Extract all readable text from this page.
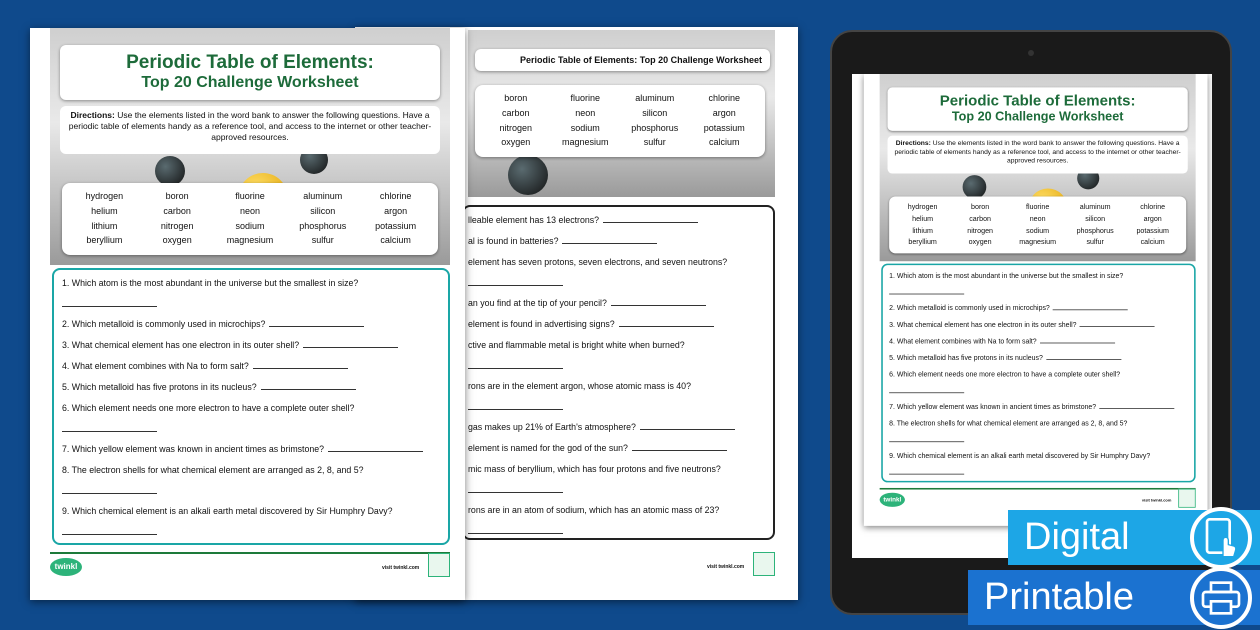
Periodic Table of Elements: Top 20 Challenge Worksheet
boron	fluorine	aluminum	chlorine
carbon	neon	silicon	argon
nitrogen	sodium	phosphorus	potassium
oxygen	magnesium	sulfur	calcium
lleable element has 13 electrons?
al is found in batteries?
element has seven protons, seven electrons, and seven neutrons?
an you find at the tip of your pencil?
element is found in advertising signs?
ctive and flammable metal is bright white when burned?
rons are in the element argon, whose atomic mass is 40?
gas makes up 21% of Earth's atmosphere?
element is named for the god of the sun?
mic mass of beryllium, which has four protons and five neutrons?
rons are in an atom of sodium, which has an atomic mass of 23?
visit twinkl.com
Periodic Table of Elements:
Top 20 Challenge Worksheet
Directions: Use the elements listed in the word bank to answer the following questions. Have a periodic table of elements handy as a reference tool, and access to the internet or other teacher-approved resources.
hydrogen	boron	fluorine	aluminum	chlorine
helium	carbon	neon	silicon	argon
lithium	nitrogen	sodium	phosphorus	potassium
beryllium	oxygen	magnesium	sulfur	calcium
1. Which atom is the most abundant in the universe but the smallest in size?
2. Which metalloid is commonly used in microchips?
3. What chemical element has one electron in its outer shell?
4. What element combines with Na to form salt?
5. Which metalloid has five protons in its nucleus?
6. Which element needs one more electron to have a complete outer shell?
7. Which yellow element was known in ancient times as brimstone?
8. The electron shells for what chemical element are arranged as 2, 8, and 5?
9. Which chemical element is an alkali earth metal discovered by Sir Humphry Davy?
twinkl	visit twinkl.com
Periodic Table of Elements:
Top 20 Challenge Worksheet
Directions: Use the elements listed in the word bank to answer the following questions. Have a periodic table of elements handy as a reference tool, and access to the internet or other teacher-approved resources.
hydrogen	boron	fluorine	aluminum	chlorine
helium	carbon	neon	silicon	argon
lithium	nitrogen	sodium	phosphorus	potassium
beryllium	oxygen	magnesium	sulfur	calcium
1. Which atom is the most abundant in the universe but the smallest in size?
2. Which metalloid is commonly used in microchips?
3. What chemical element has one electron in its outer shell?
4. What element combines with Na to form salt?
5. Which metalloid has five protons in its nucleus?
6. Which element needs one more electron to have a complete outer shell?
7. Which yellow element was known in ancient times as brimstone?
8. The electron shells for what chemical element are arranged as 2, 8, and 5?
9. Which chemical element is an alkali earth metal discovered by Sir Humphry Davy?
twinkl	visit twinkl.com
Digital
Printable
